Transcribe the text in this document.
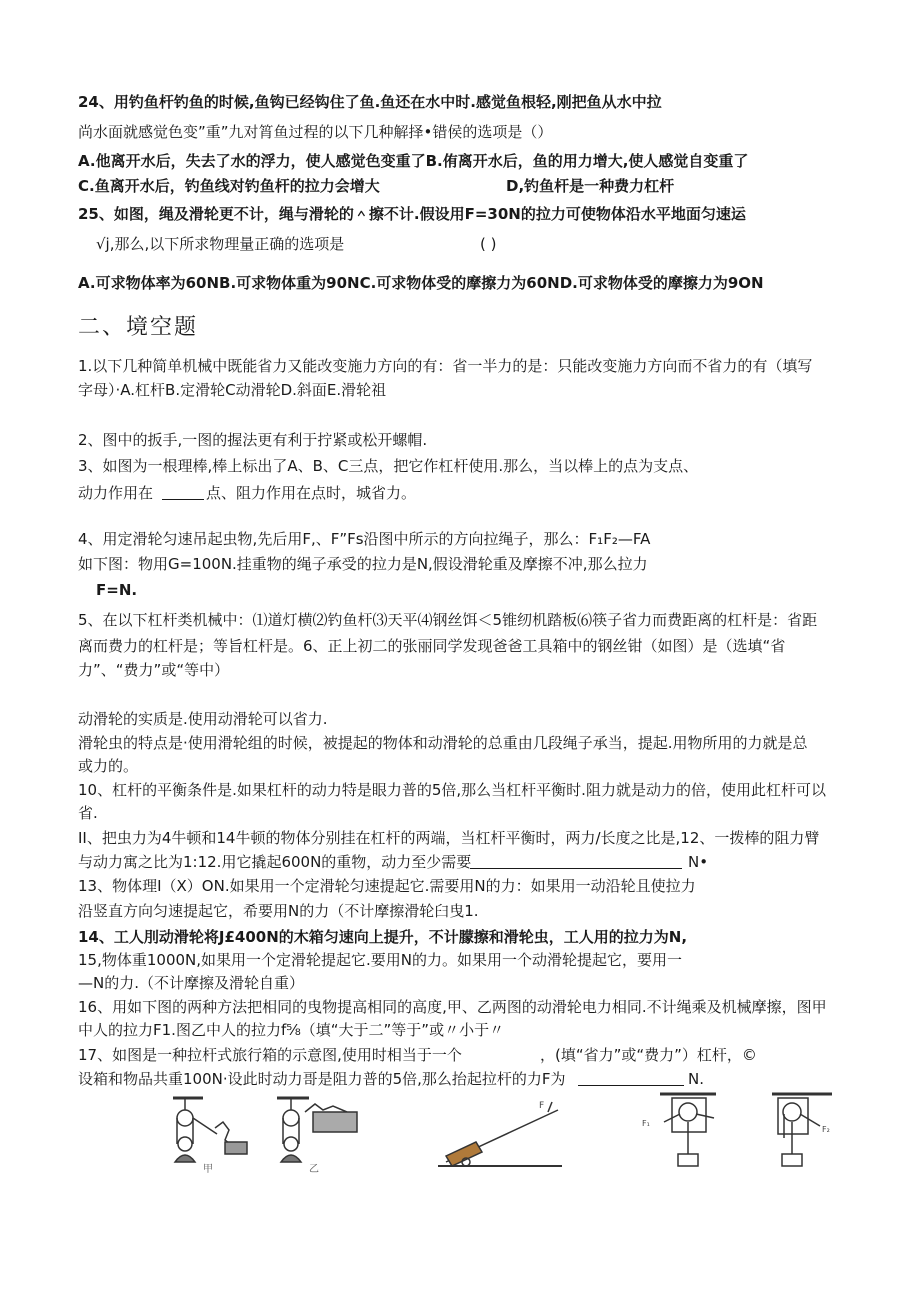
24、用钓鱼杆钓鱼的时候,鱼钩已经钩住了鱼.鱼还在水中时.感觉鱼根轻,刚把鱼从水中拉
尚水面就感觉色变”重”九对筲鱼过程的以下几种解择•错侯的选项是（）
A.他离开水后，失去了水的浮力，使人感觉色变重了B.侑离开水后，鱼的用力增大,使人感觉自变重了
C.鱼离开水后，钓鱼线对钓鱼杆的拉力会增大	D,钓鱼杆是一种费力杠杆
25、如图，绳及滑轮更不计，绳与滑轮的＾擦不计.假设用F=30N的拉力可使物体沿水平地面匀速运
√j,那么,以下所求物理量正确的选项是	( )
A.可求物体率为60NB.可求物体重为90NC.可求物体受的摩擦力为60ND.可求物体受的摩擦力为9ON
二、境空题
1.以下几种简单机械中既能省力又能改变施力方向的有：省一半力的是：只能改变施力方向而不省力的有（填写
字母）·A.杠杆B.定滑轮C动滑轮D.斜面E.滑轮祖
2、图中的扳手,一图的握法更有利于拧紧或松开螺帽.
3、如图为一根理棒,棒上标出了A、B、C三点，把它作杠杆使用.那么，当以棒上的点为支点、
动力作用在	点、阻力作用在点时，城省力。
4、用定滑轮匀速吊起虫物,先后用F,、F”Fs沿图中所示的方向拉绳子，那么：F₁F₂—FA
如下图：物用G=100N.挂重物的绳子承受的拉力是N,假设滑轮重及摩擦不冲,那么拉力
F=N.
5、在以下杠杆类机械中：⑴道灯横⑵钓鱼杆⑶天平⑷钢丝饵＜5锥纫机踏板⑹筷子省力而费距离的杠杆是：省距
离而费力的杠杆是；等旨杠杆是。6、正上初二的张丽同学发现爸爸工具箱中的钢丝钳（如图）是（选填“省
力”、“费力”或“等中）
动滑轮的实质是.使用动滑轮可以省力.
滑轮虫的特点是·使用滑轮组的时候，被提起的物体和动滑轮的总重由几段绳子承当，提起.用物所用的力就是总
或力的。
10、杠杆的平衡条件是.如果杠杆的动力特是眼力普的5倍,那么当杠杆平衡时.阻力就是动力的倍，使用此杠杆可以
省.
II、把虫力为4牛顿和14牛顿的物体分别挂在杠杆的两端，当杠杆平衡时，两力/长度之比是,12、一拨棒的阻力臂
与动力寓之比为1:12.用它撬起600N的重物，动力至少需要	N•
13、物体理I（X）ON.如果用一个定滑轮匀速提起它.需要用N的力：如果用一动沿轮且使拉力
沿竖直方向匀速提起它，希要用N的力（不计摩擦滑轮臼曳1.
14、工人刖动滑轮将J£400N的木箱匀速向上提升，不计朦擦和滑轮虫，工人用的拉力为N,
15,物体重1000N,如果用一个定滑轮提起它.要用N的力。如果用一个动滑轮提起它，要用一
—N的力.（不计摩擦及滑轮自重）
16、用如下图的两种方法把相同的曳物提高相同的高度,甲、乙两图的动滑轮电力相同.不计绳乘及机械摩擦，图甲
中人的拉力F1.图乙中人的拉力f⅝（填“大于二”等于”或〃小于〃
17、如图是一种拉杆式旅行箱的示意图,使用时相当于一个	，(填“省力”或“费力”）杠杆，©
设箱和物品共重100N·设此时动力哥是阻力普的5倍,那么抬起拉杆的力F为	N.
甲	乙
F
F₁
F₂
